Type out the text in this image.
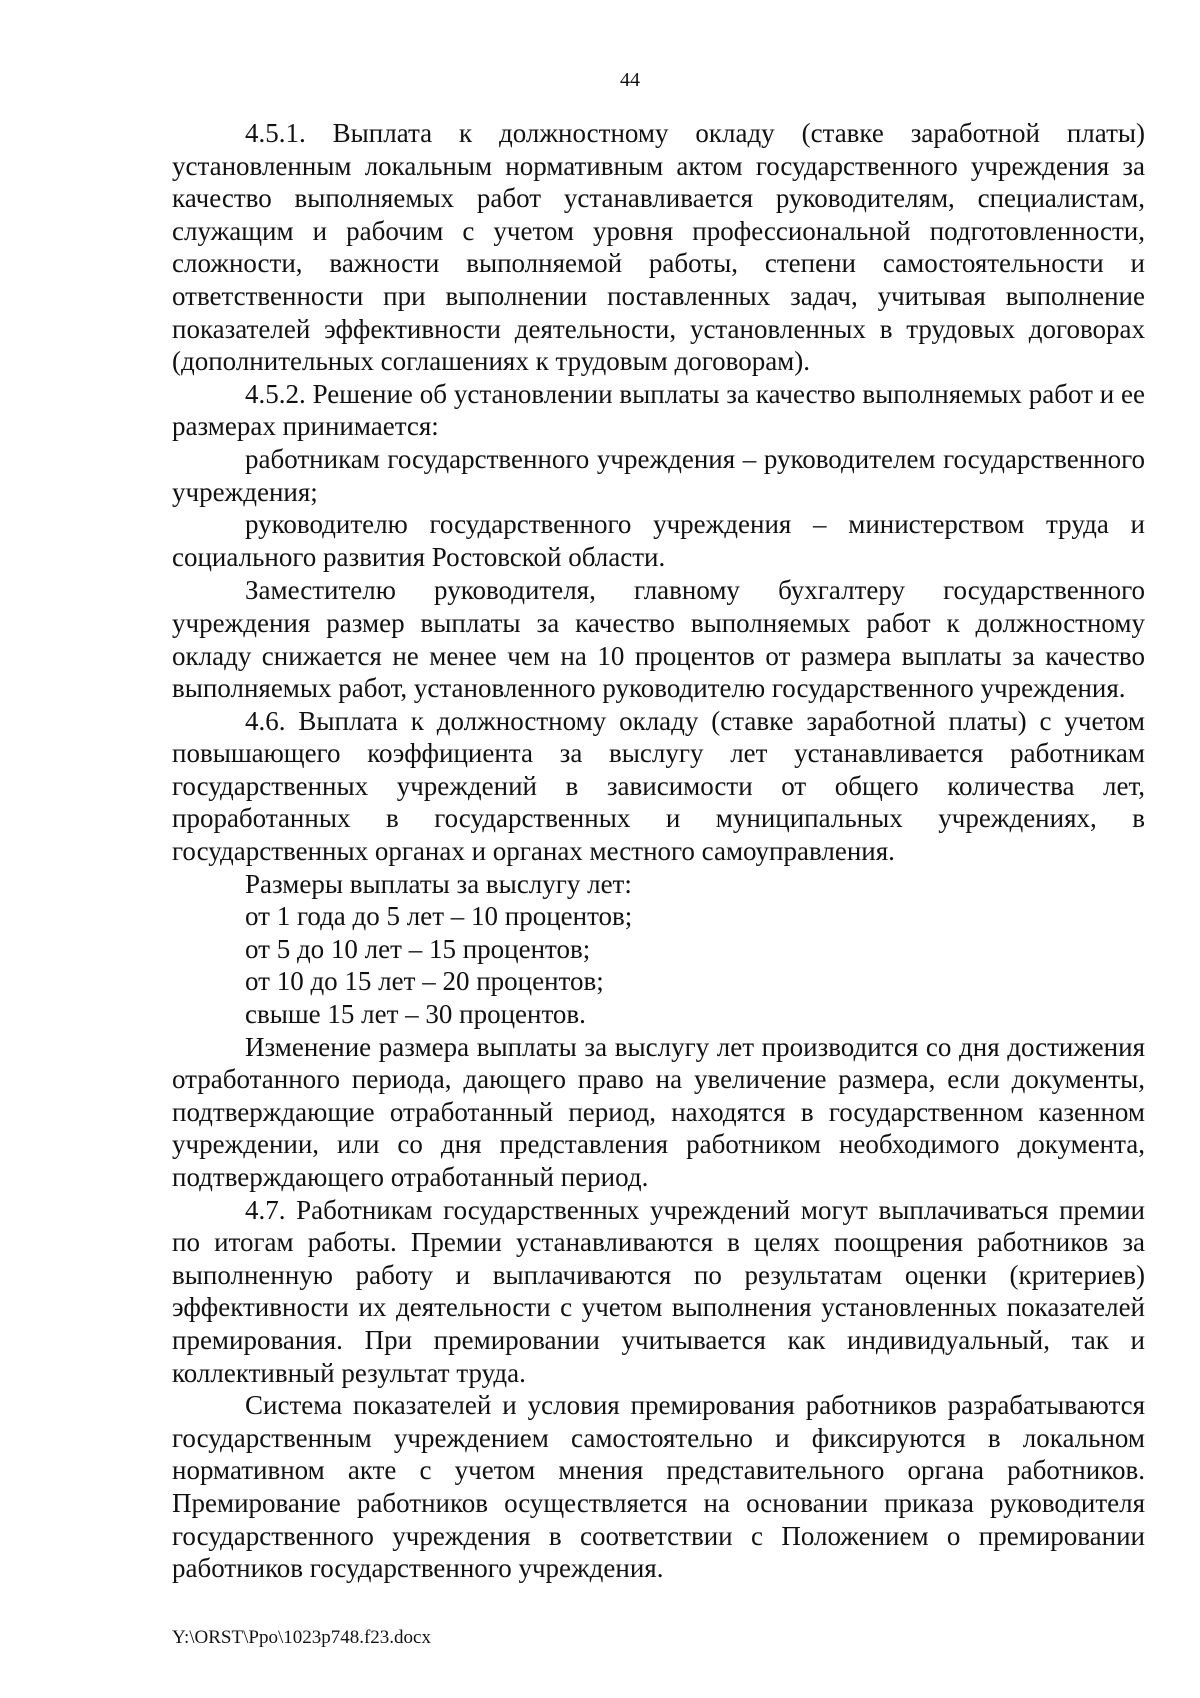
44

4.5.1. Выплата к должностному окладу (ставке заработной платы) установленным локальным нормативным актом государственного учреждения за качество выполняемых работ устанавливается руководителям, специалистам, служащим и рабочим с учетом уровня профессиональной подготовленности, сложности, важности выполняемой работы, степени самостоятельности и ответственности при выполнении поставленных задач, учитывая выполнение показателей эффективности деятельности, установленных в трудовых договорах (дополнительных соглашениях к трудовым договорам).

4.5.2. Решение об установлении выплаты за качество выполняемых работ и ее размерах принимается:

работникам государственного учреждения – руководителем государственного учреждения;

руководителю государственного учреждения – министерством труда и социального развития Ростовской области.

Заместителю руководителя, главному бухгалтеру государственного учреждения размер выплаты за качество выполняемых работ к должностному окладу снижается не менее чем на 10 процентов от размера выплаты за качество выполняемых работ, установленного руководителю государственного учреждения.

4.6. Выплата к должностному окладу (ставке заработной платы) с учетом повышающего коэффициента за выслугу лет устанавливается работникам государственных учреждений в зависимости от общего количества лет, проработанных в государственных и муниципальных учреждениях, в государственных органах и органах местного самоуправления.

Размеры выплаты за выслугу лет:

от 1 года до 5 лет – 10 процентов;

от 5 до 10 лет – 15 процентов;

от 10 до 15 лет – 20 процентов;

свыше 15 лет – 30 процентов.

Изменение размера выплаты за выслугу лет производится со дня достижения отработанного периода, дающего право на увеличение размера, если документы, подтверждающие отработанный период, находятся в государственном казенном учреждении, или со дня представления работником необходимого документа, подтверждающего отработанный период.

4.7. Работникам государственных учреждений могут выплачиваться премии по итогам работы. Премии устанавливаются в целях поощрения работников за выполненную работу и выплачиваются по результатам оценки (критериев) эффективности их деятельности с учетом выполнения установленных показателей премирования. При премировании учитывается как индивидуальный, так и коллективный результат труда.

Система показателей и условия премирования работников разрабатываются государственным учреждением самостоятельно и фиксируются в локальном нормативном акте с учетом мнения представительного органа работников. Премирование работников осуществляется на основании приказа руководителя государственного учреждения в соответствии с Положением о премировании работников государственного учреждения.

Y:\ORST\Ppo\1023p748.f23.docx
